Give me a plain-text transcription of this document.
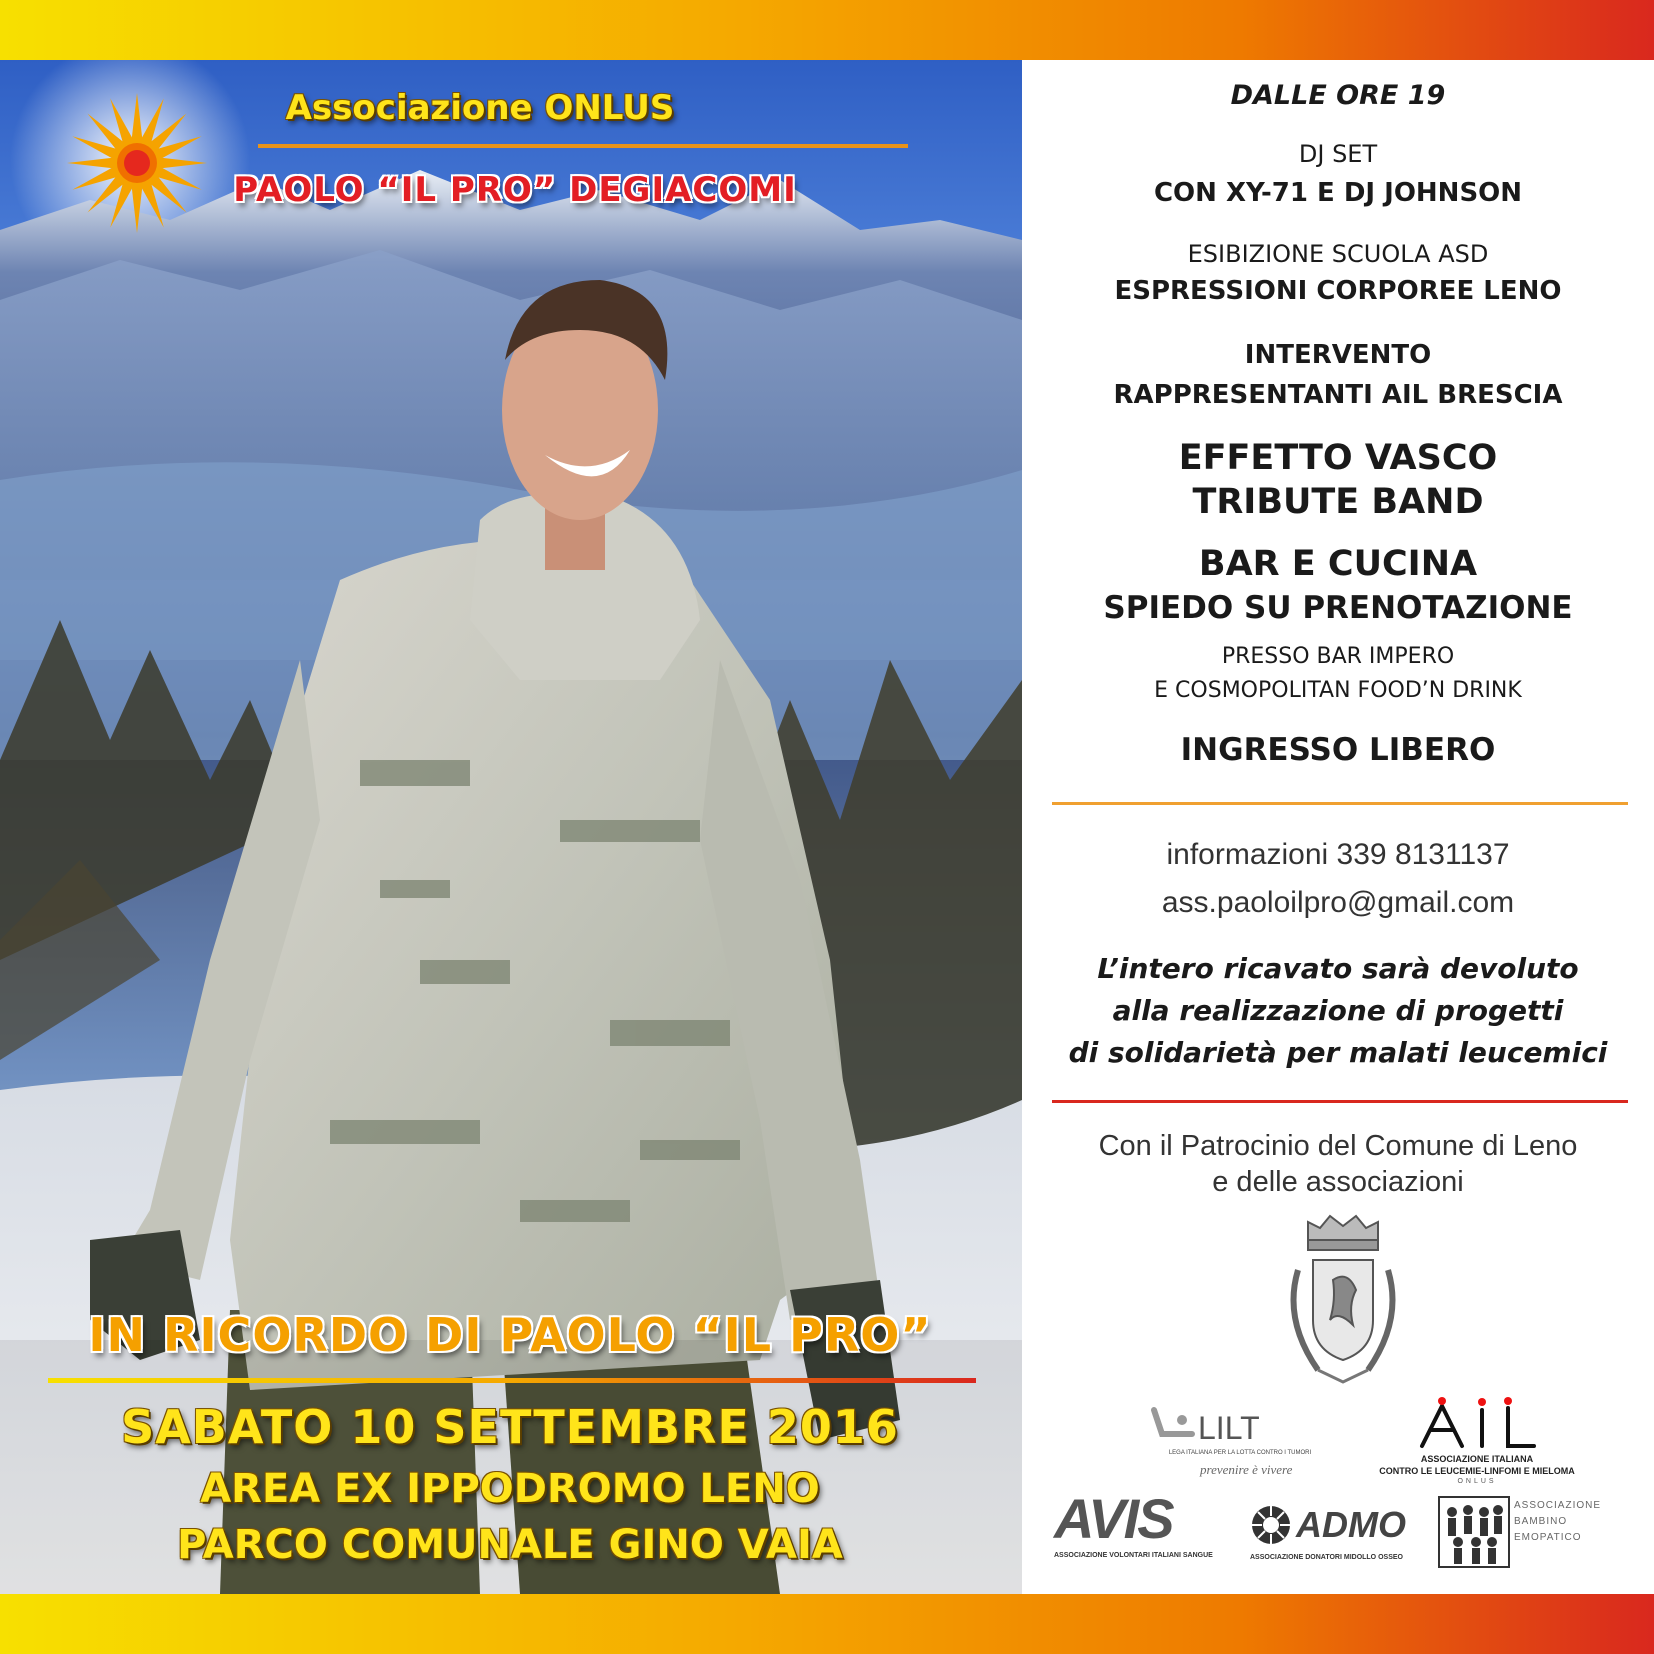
Associazione ONLUS
PAOLO “IL PRO” DEGIACOMI
IN RICORDO DI PAOLO “IL PRO”
SABATO 10 SETTEMBRE 2016
AREA EX IPPODROMO LENO
PARCO COMUNALE GINO VAIA
DALLE ORE 19
DJ SET
CON XY-71 E DJ JOHNSON
ESIBIZIONE SCUOLA ASD
ESPRESSIONI CORPOREE LENO
INTERVENTO
RAPPRESENTANTI AIL BRESCIA
EFFETTO VASCO
TRIBUTE BAND
BAR E CUCINA
SPIEDO SU PRENOTAZIONE
PRESSO BAR IMPERO
E COSMOPOLITAN FOOD’N DRINK
INGRESSO LIBERO
informazioni 339 8131137
ass.paoloilpro@gmail.com
L’intero ricavato sarà devoluto
alla realizzazione di progetti
di solidarietà per malati leucemici
Con il Patrocinio del Comune di Leno
e delle associazioni
LILT
LEGA ITALIANA PER LA LOTTA CONTRO I TUMORI
prevenire è vivere
ASSOCIAZIONE ITALIANA
CONTRO LE LEUCEMIE-LINFOMI E MIELOMA
ONLUS
AVIS
ASSOCIAZIONE VOLONTARI ITALIANI SANGUE
ADMO
ASSOCIAZIONE DONATORI MIDOLLO OSSEO
ASSOCIAZIONE
BAMBINO
EMOPATICO
